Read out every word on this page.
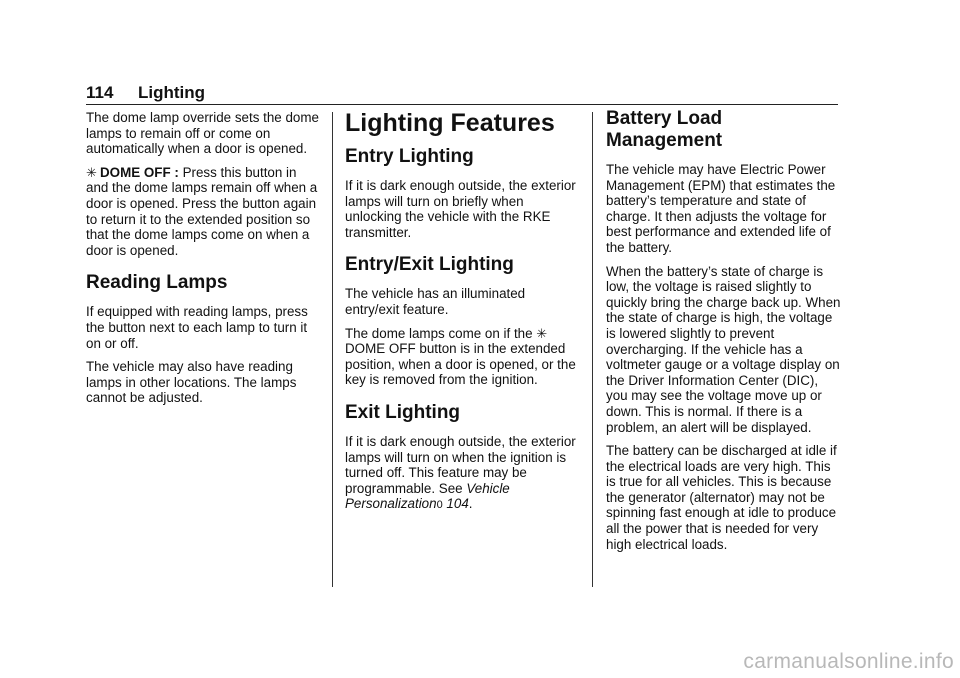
114 Lighting

The dome lamp override sets the dome lamps to remain off or come on automatically when a door is opened.

✳ DOME OFF : Press this button in and the dome lamps remain off when a door is opened. Press the button again to return it to the extended position so that the dome lamps come on when a door is opened.

Reading Lamps

If equipped with reading lamps, press the button next to each lamp to turn it on or off.

The vehicle may also have reading lamps in other locations. The lamps cannot be adjusted.

Lighting Features
Entry Lighting

If it is dark enough outside, the exterior lamps will turn on briefly when unlocking the vehicle with the RKE transmitter.

Entry/Exit Lighting

The vehicle has an illuminated entry/exit feature.

The dome lamps come on if the ✳
DOME OFF button is in the extended position, when a door is opened, or the key is removed from the ignition.

Exit Lighting

If it is dark enough outside, the exterior lamps will turn on when the ignition is turned off. This feature may be programmable. See Vehicle Personalization0 104.

Battery Load Management

The vehicle may have Electric Power Management (EPM) that estimates the battery’s temperature and state of charge. It then adjusts the voltage for best performance and extended life of the battery.

When the battery’s state of charge is low, the voltage is raised slightly to quickly bring the charge back up. When the state of charge is high, the voltage is lowered slightly to prevent overcharging. If the vehicle has a voltmeter gauge or a voltage display on the Driver Information Center (DIC), you may see the voltage move up or down. This is normal. If there is a problem, an alert will be displayed.

The battery can be discharged at idle if the electrical loads are very high. This is true for all vehicles. This is because the generator (alternator) may not be spinning fast enough at idle to produce all the power that is needed for very high electrical loads.

carmanualsonline.info
